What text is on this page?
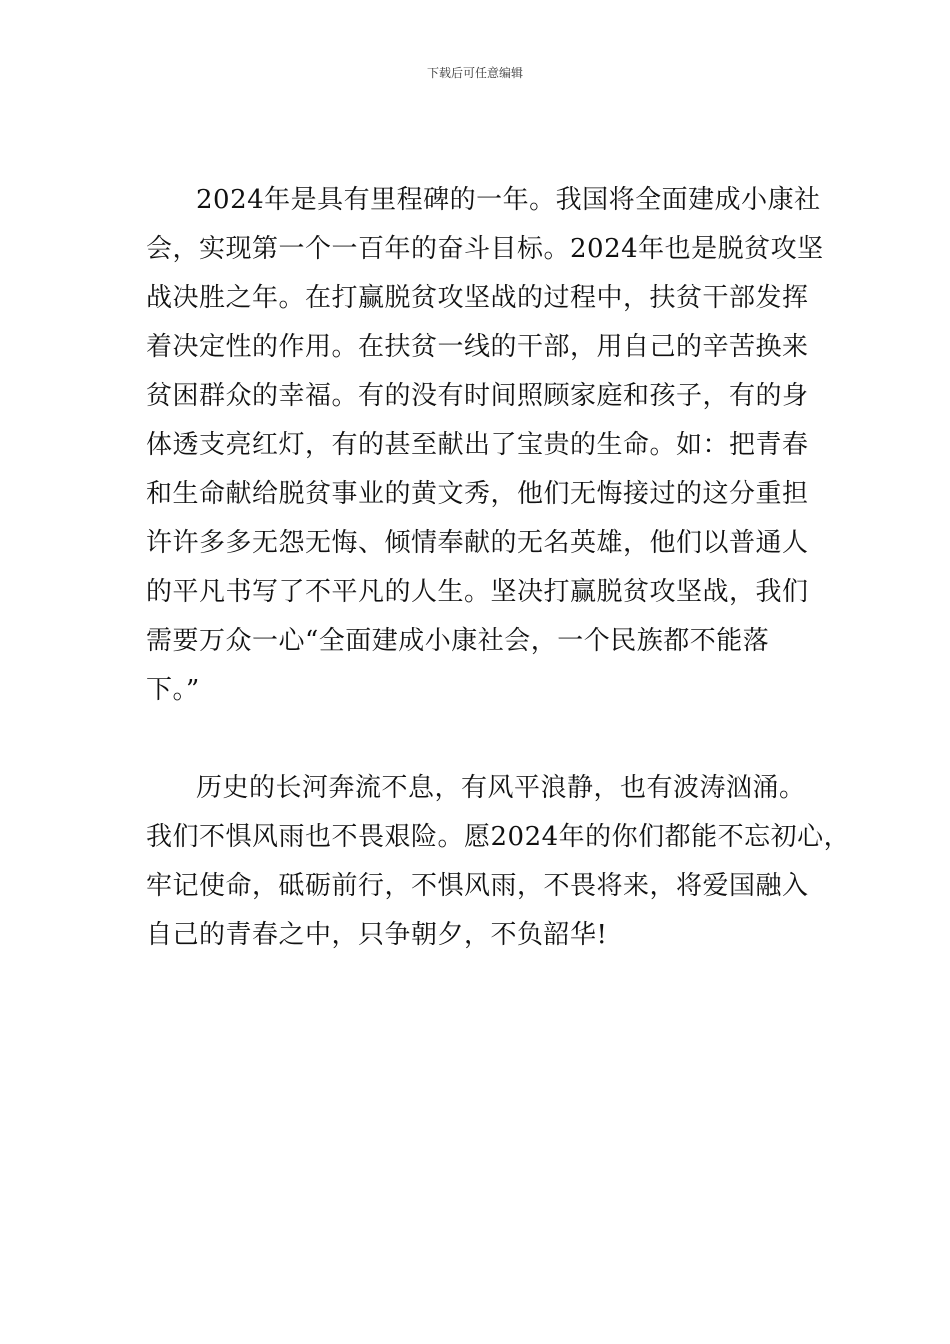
下载后可任意编辑
2024年是具有里程碑的一年。我国将全面建成小康社
会，实现第一个一百年的奋斗目标。2024年也是脱贫攻坚
战决胜之年。在打赢脱贫攻坚战的过程中，扶贫干部发挥
着决定性的作用。在扶贫一线的干部，用自己的辛苦换来
贫困群众的幸福。有的没有时间照顾家庭和孩子，有的身
体透支亮红灯，有的甚至献出了宝贵的生命。如：把青春
和生命献给脱贫事业的黄文秀，他们无悔接过的这分重担
许许多多无怨无悔、倾情奉献的无名英雄，他们以普通人
的平凡书写了不平凡的人生。坚决打赢脱贫攻坚战，我们
需要万众一心“全面建成小康社会，一个民族都不能落
下。”
历史的长河奔流不息，有风平浪静，也有波涛汹涌。
我们不惧风雨也不畏艰险。愿2024年的你们都能不忘初心，
牢记使命，砥砺前行，不惧风雨，不畏将来，将爱国融入
自己的青春之中，只争朝夕，不负韶华!
